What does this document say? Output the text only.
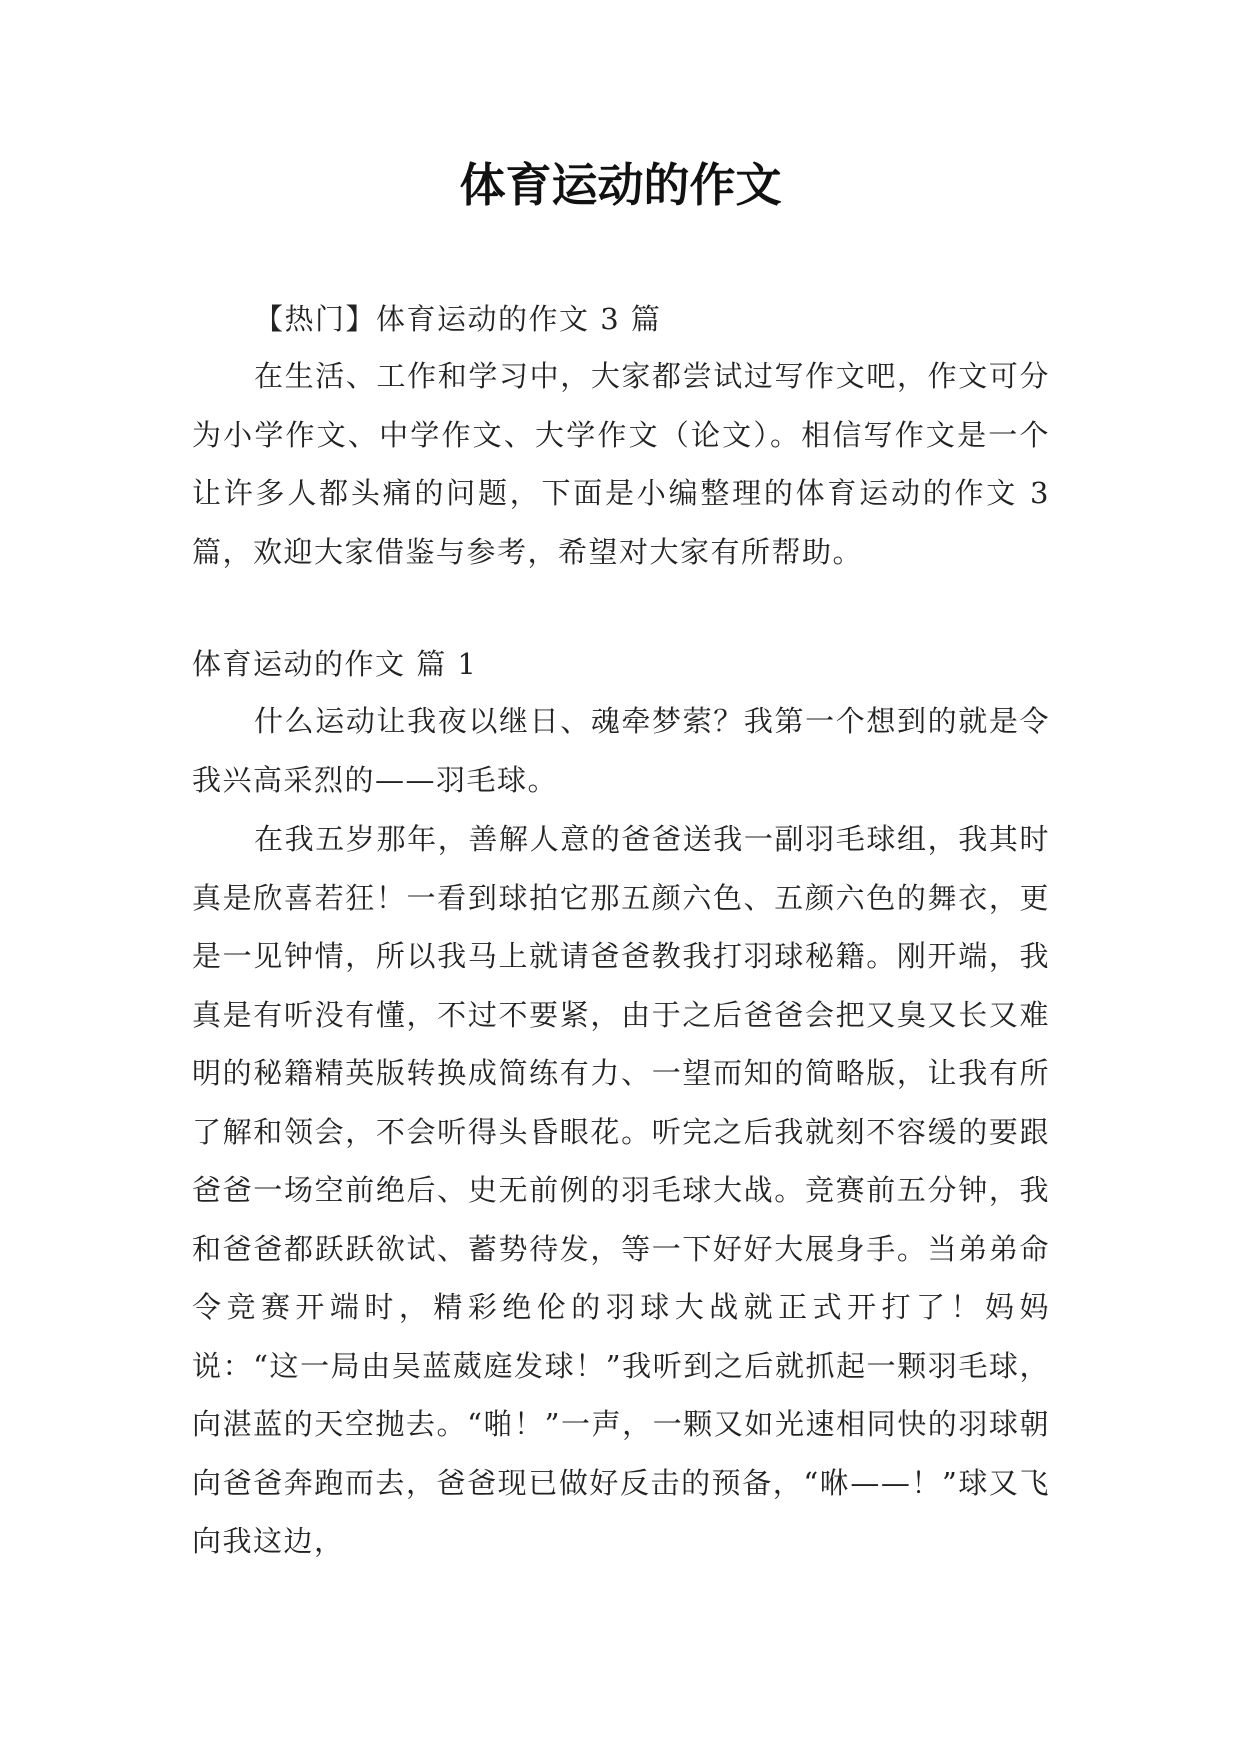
体育运动的作文

【热门】体育运动的作文 3 篇

在生活、工作和学习中，大家都尝试过写作文吧，作文可分为小学作文、中学作文、大学作文（论文）。相信写作文是一个让许多人都头痛的问题，下面是小编整理的体育运动的作文 3 篇，欢迎大家借鉴与参考，希望对大家有所帮助。

体育运动的作文 篇 1

什么运动让我夜以继日、魂牵梦萦？我第一个想到的就是令我兴高采烈的——羽毛球。

在我五岁那年，善解人意的爸爸送我一副羽毛球组，我其时真是欣喜若狂！一看到球拍它那五颜六色、五颜六色的舞衣，更是一见钟情，所以我马上就请爸爸教我打羽球秘籍。刚开端，我真是有听没有懂，不过不要紧，由于之后爸爸会把又臭又长又难明的秘籍精英版转换成简练有力、一望而知的简略版，让我有所了解和领会，不会听得头昏眼花。听完之后我就刻不容缓的要跟爸爸一场空前绝后、史无前例的羽毛球大战。竞赛前五分钟，我和爸爸都跃跃欲试、蓄势待发，等一下好好大展身手。当弟弟命令竞赛开端时，精彩绝伦的羽球大战就正式开打了！妈妈说：“这一局由吴蓝葳庭发球！”我听到之后就抓起一颗羽毛球，向湛蓝的天空抛去。“啪！”一声，一颗又如光速相同快的羽球朝向爸爸奔跑而去，爸爸现已做好反击的预备，“咻——！”球又飞向我这边，
